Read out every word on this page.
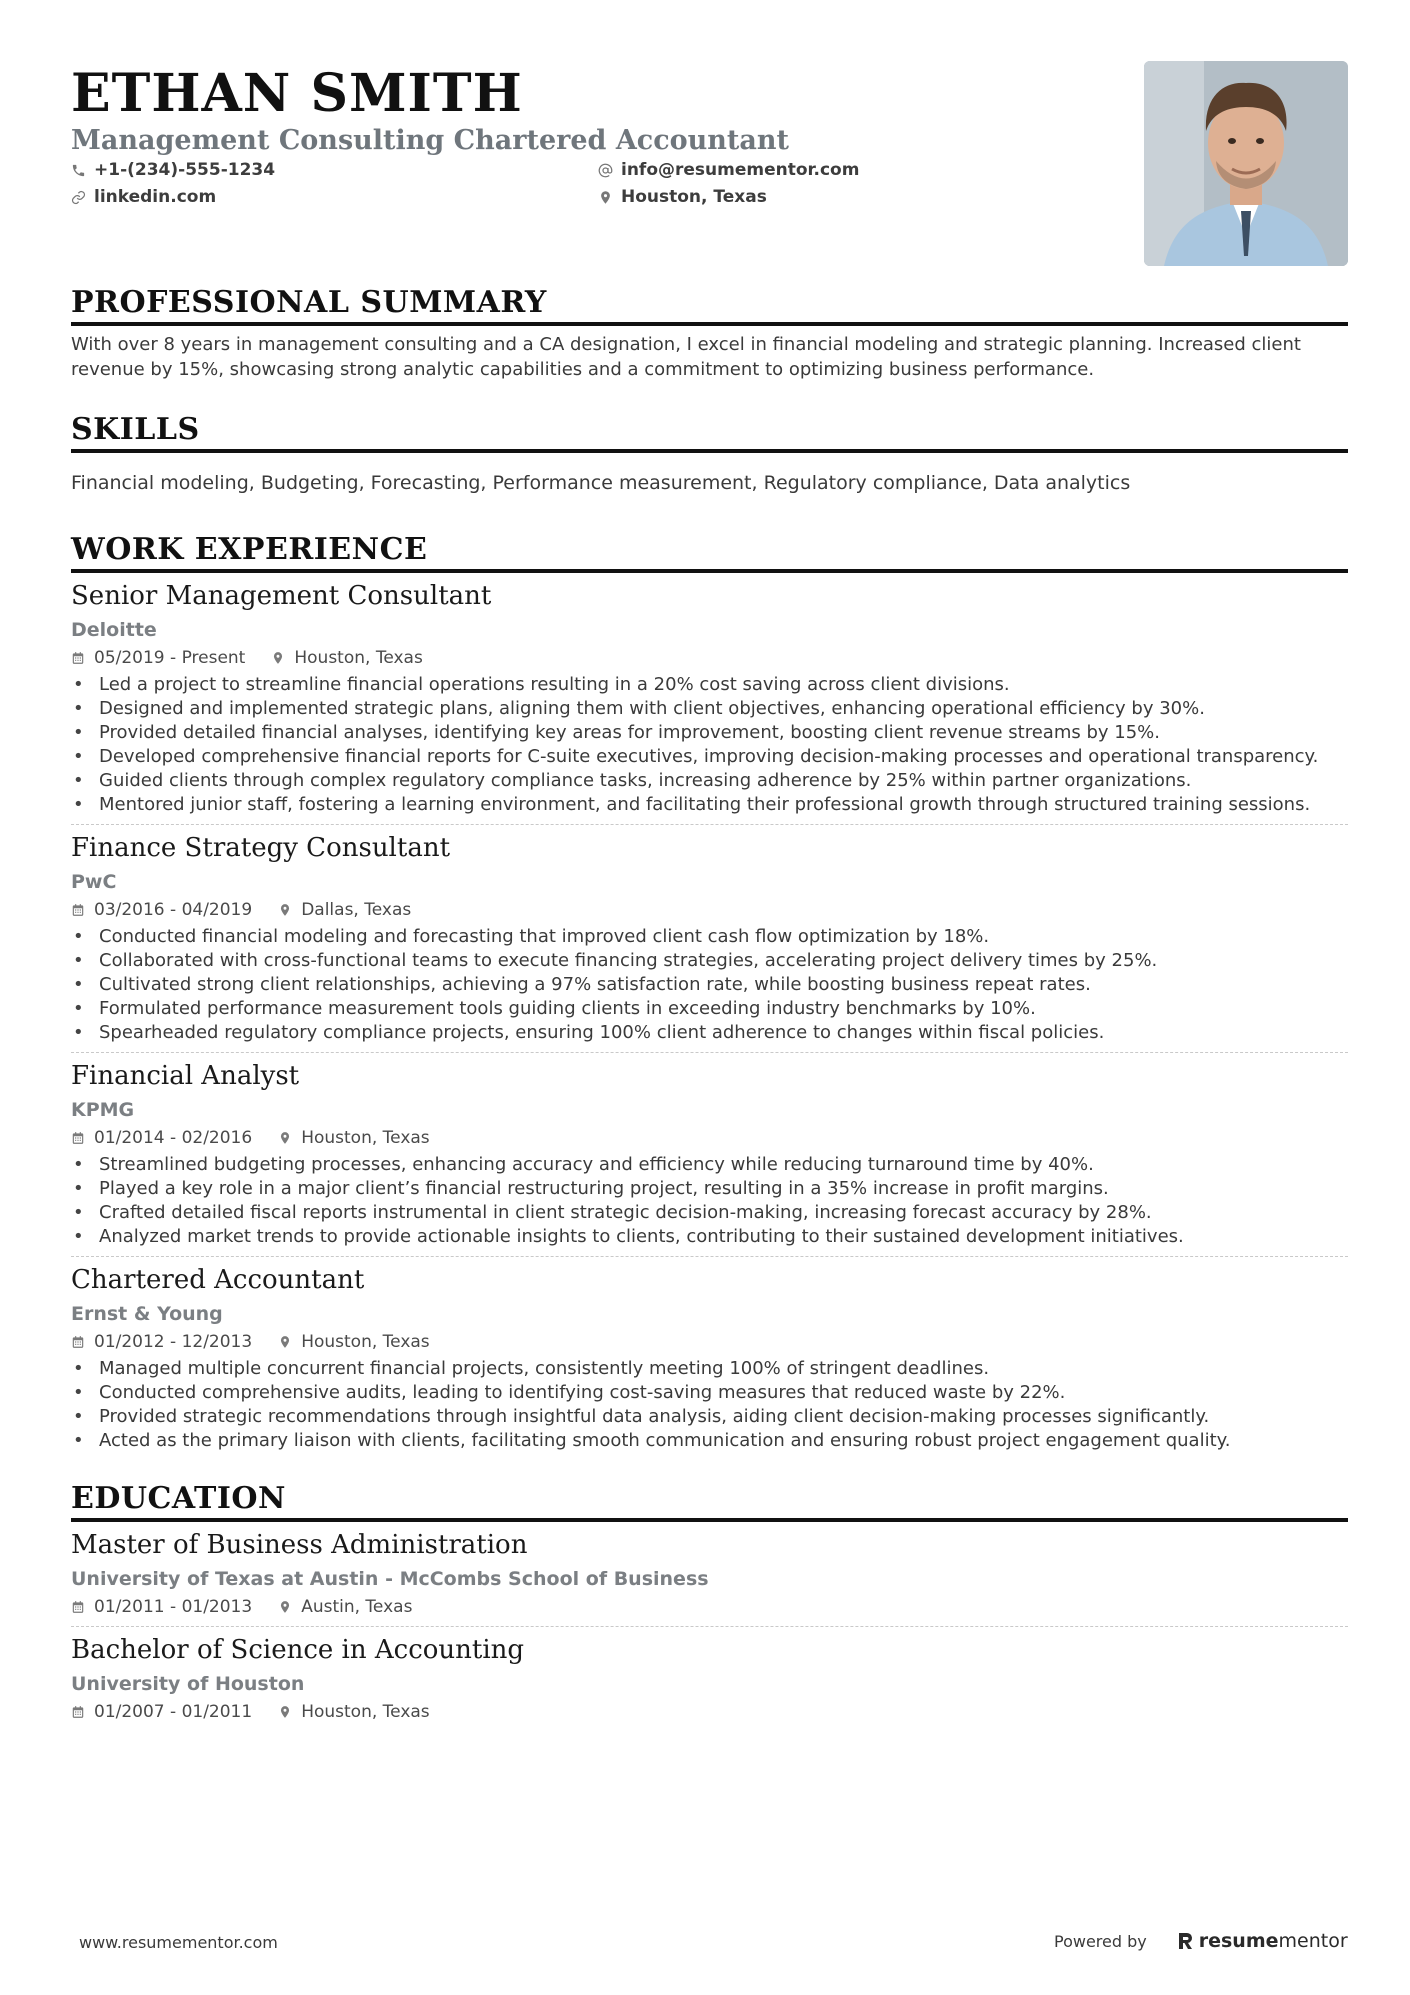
ETHAN SMITH
Management Consulting Chartered Accountant
+1-(234)-555-1234	info@resumementor.com
linkedin.com	Houston, Texas
PROFESSIONAL SUMMARY
With over 8 years in management consulting and a CA designation, I excel in financial modeling and strategic planning. Increased client revenue by 15%, showcasing strong analytic capabilities and a commitment to optimizing business performance.
SKILLS
Financial modeling, Budgeting, Forecasting, Performance measurement, Regulatory compliance, Data analytics
WORK EXPERIENCE
Senior Management Consultant
Deloitte
05/2019 - Present	Houston, Texas
• Led a project to streamline financial operations resulting in a 20% cost saving across client divisions.
• Designed and implemented strategic plans, aligning them with client objectives, enhancing operational efficiency by 30%.
• Provided detailed financial analyses, identifying key areas for improvement, boosting client revenue streams by 15%.
• Developed comprehensive financial reports for C-suite executives, improving decision-making processes and operational transparency.
• Guided clients through complex regulatory compliance tasks, increasing adherence by 25% within partner organizations.
• Mentored junior staff, fostering a learning environment, and facilitating their professional growth through structured training sessions.
Finance Strategy Consultant
PwC
03/2016 - 04/2019	Dallas, Texas
• Conducted financial modeling and forecasting that improved client cash flow optimization by 18%.
• Collaborated with cross-functional teams to execute financing strategies, accelerating project delivery times by 25%.
• Cultivated strong client relationships, achieving a 97% satisfaction rate, while boosting business repeat rates.
• Formulated performance measurement tools guiding clients in exceeding industry benchmarks by 10%.
• Spearheaded regulatory compliance projects, ensuring 100% client adherence to changes within fiscal policies.
Financial Analyst
KPMG
01/2014 - 02/2016	Houston, Texas
• Streamlined budgeting processes, enhancing accuracy and efficiency while reducing turnaround time by 40%.
• Played a key role in a major client’s financial restructuring project, resulting in a 35% increase in profit margins.
• Crafted detailed fiscal reports instrumental in client strategic decision-making, increasing forecast accuracy by 28%.
• Analyzed market trends to provide actionable insights to clients, contributing to their sustained development initiatives.
Chartered Accountant
Ernst & Young
01/2012 - 12/2013	Houston, Texas
• Managed multiple concurrent financial projects, consistently meeting 100% of stringent deadlines.
• Conducted comprehensive audits, leading to identifying cost-saving measures that reduced waste by 22%.
• Provided strategic recommendations through insightful data analysis, aiding client decision-making processes significantly.
• Acted as the primary liaison with clients, facilitating smooth communication and ensuring robust project engagement quality.
EDUCATION
Master of Business Administration
University of Texas at Austin - McCombs School of Business
01/2011 - 01/2013	Austin, Texas
Bachelor of Science in Accounting
University of Houston
01/2007 - 01/2011	Houston, Texas
www.resumementor.com	Powered by	resume mentor
